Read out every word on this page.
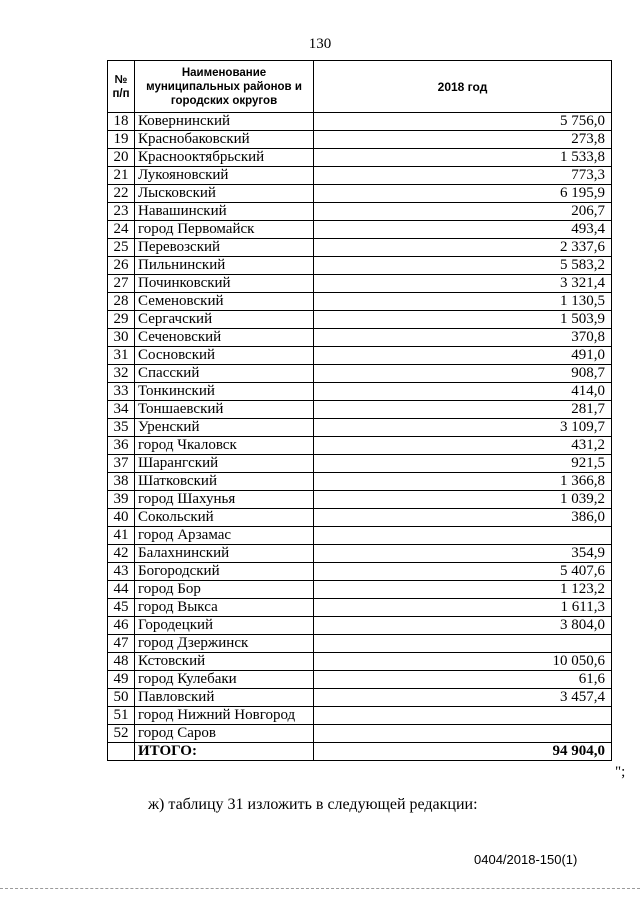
130
№ п/п	Наименование муниципальных районов и городских округов	2018 год
18	Ковернинский	5 756,0
19	Краснобаковский	273,8
20	Краснооктябрьский	1 533,8
21	Лукояновский	773,3
22	Лысковский	6 195,9
23	Навашинский	206,7
24	город Первомайск	493,4
25	Перевозский	2 337,6
26	Пильнинский	5 583,2
27	Починковский	3 321,4
28	Семеновский	1 130,5
29	Сергачский	1 503,9
30	Сеченовский	370,8
31	Сосновский	491,0
32	Спасский	908,7
33	Тонкинский	414,0
34	Тоншаевский	281,7
35	Уренский	3 109,7
36	город Чкаловск	431,2
37	Шарангский	921,5
38	Шатковский	1 366,8
39	город Шахунья	1 039,2
40	Сокольский	386,0
41	город Арзамас	
42	Балахнинский	354,9
43	Богородский	5 407,6
44	город Бор	1 123,2
45	город Выкса	1 611,3
46	Городецкий	3 804,0
47	город Дзержинск	
48	Кстовский	10 050,6
49	город Кулебаки	61,6
50	Павловский	3 457,4
51	город Нижний Новгород	
52	город Саров	
	ИТОГО:	94 904,0
";
ж) таблицу 31 изложить в следующей редакции:
0404/2018-150(1)
